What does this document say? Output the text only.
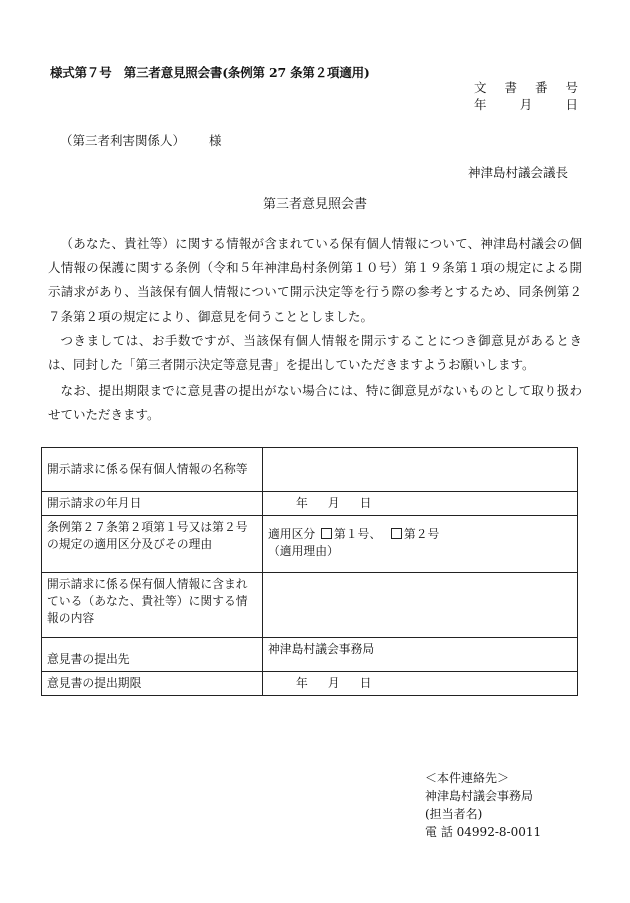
様式第７号　第三者意見照会書(条例第 27 条第２項適用)
文 書 番 号
年	月	日
（第三者利害関係人） 様
神津島村議会議長
第三者意見照会書

（あなた、貴社等）に関する情報が含まれている保有個人情報について、神津島村議会の個人情報の保護に関する条例（令和５年神津島村条例第１０号）第１９条第１項の規定による開示請求があり、当該保有個人情報について開示決定等を行う際の参考とするため、同条例第２７条第２項の規定により、御意見を伺うこととしました。

つきましては、お手数ですが、当該保有個人情報を開示することにつき御意見があるときは、同封した「第三者開示決定等意見書」を提出していただきますようお願いします。

なお、提出期限までに意見書の提出がない場合には、特に御意見がないものとして取り扱わせていただきます。

開示請求に係る保有個人情報の名称等	
開示請求の年月日	年 月 日
条例第２７条第２項第１号又は第２号の規定の適用区分及びその理由	適用区分 第１号、 第２号
（適用理由）

開示請求に係る保有個人情報に含まれている（あなた、貴社等）に関する情報の内容	
意見書の提出先	神津島村議会事務局
意見書の提出期限	年 月 日
＜本件連絡先＞
神津島村議会事務局
(担当者名)
電 話 04992-8-0011
